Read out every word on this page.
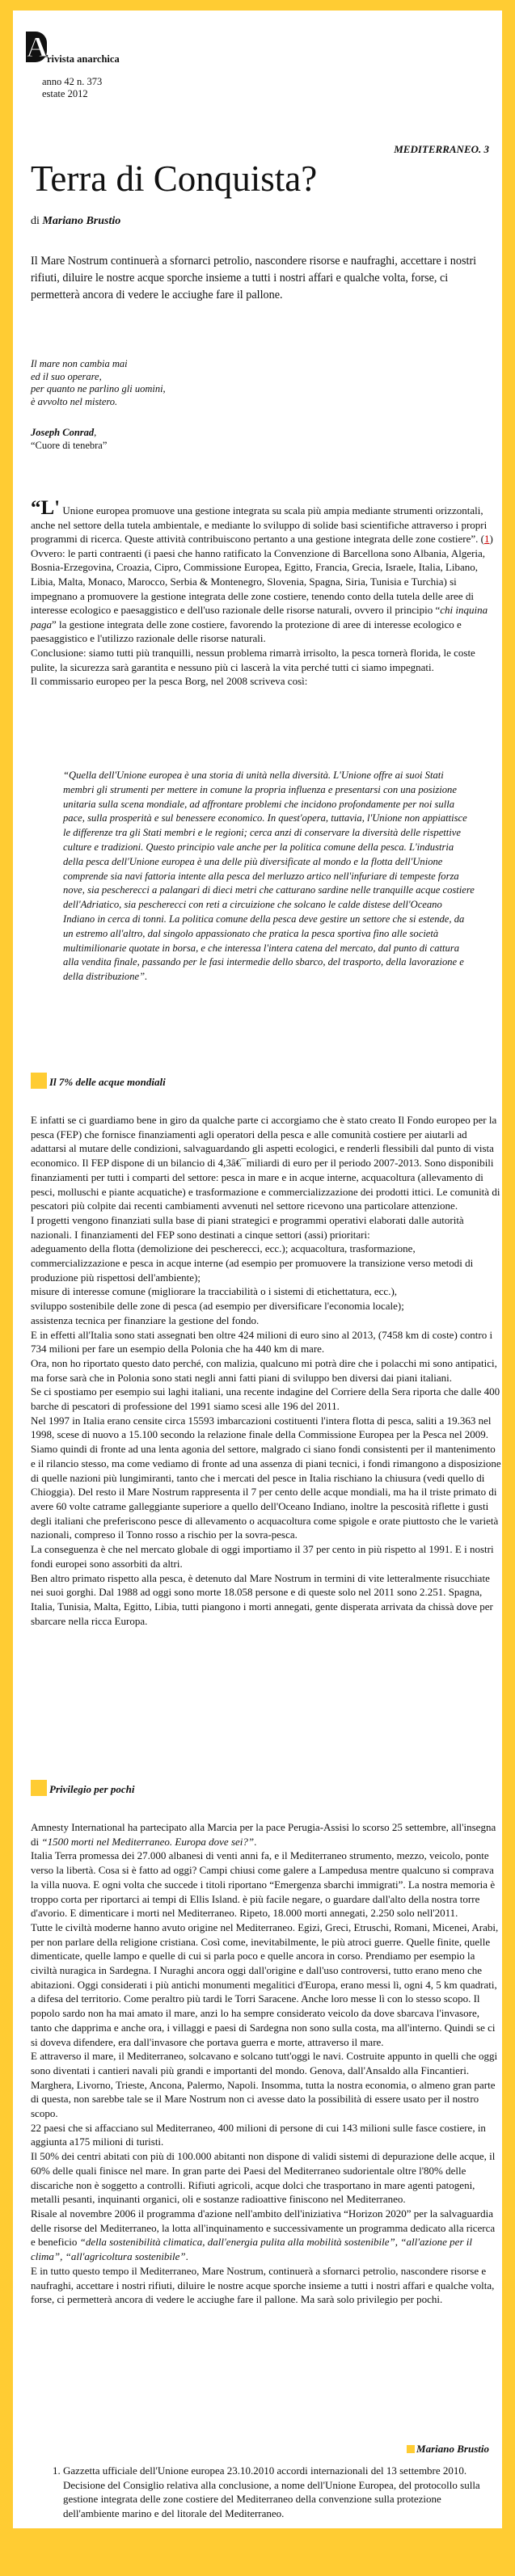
A rivista anarchica
anno 42 n. 373
estate 2012
MEDITERRANEO. 3
Terra di Conquista?
di Mariano Brustio
Il Mare Nostrum continuerà a sfornarci petrolio, nascondere risorse e naufraghi, accettare i nostri rifiuti, diluire le nostre acque sporche insieme a tutti i nostri affari e qualche volta, forse, ci permetterà ancora di vedere le acciughe fare il pallone.
Il mare non cambia mai
ed il suo operare,
per quanto ne parlino gli uomini,
è avvolto nel mistero.
Joseph Conrad,
“Cuore di tenebra”

“L' Unione europea promuove una gestione integrata su scala più ampia mediante strumenti orizzontali, anche nel settore della tutela ambientale, e mediante lo sviluppo di solide basi scientifiche attraverso i propri programmi di ricerca. Queste attività contribuiscono pertanto a una gestione integrata delle zone costiere”. (1)

Ovvero: le parti contraenti (i paesi che hanno ratificato la Convenzione di Barcellona sono Albania, Algeria, Bosnia-Erzegovina, Croazia, Cipro, Commissione Europea, Egitto, Francia, Grecia, Israele, Italia, Libano, Libia, Malta, Monaco, Marocco, Serbia & Montenegro, Slovenia, Spagna, Siria, Tunisia e Turchia) si impegnano a promuovere la gestione integrata delle zone costiere, tenendo conto della tutela delle aree di interesse ecologico e paesaggistico e dell'uso razionale delle risorse naturali, ovvero il principio “chi inquina paga” la gestione integrata delle zone costiere, favorendo la protezione di aree di interesse ecologico e paesaggistico e l'utilizzo razionale delle risorse naturali.

Conclusione: siamo tutti più tranquilli, nessun problema rimarrà irrisolto, la pesca tornerà florida, le coste pulite, la sicurezza sarà garantita e nessuno più ci lascerà la vita perché tutti ci siamo impegnati.

Il commissario europeo per la pesca Borg, nel 2008 scriveva così:

“Quella dell'Unione europea è una storia di unità nella diversità. L'Unione offre ai suoi Stati membri gli strumenti per mettere in comune la propria influenza e presentarsi con una posizione unitaria sulla scena mondiale, ad affrontare problemi che incidono profondamente per noi sulla pace, sulla prosperità e sul benessere economico. In quest'opera, tuttavia, l'Unione non appiattisce le differenze tra gli Stati membri e le regioni; cerca anzi di conservare la diversità delle rispettive culture e tradizioni. Questo principio vale anche per la politica comune della pesca. L'industria della pesca dell'Unione europea è una delle più diversificate al mondo e la flotta dell'Unione comprende sia navi fattoria intente alla pesca del merluzzo artico nell'infuriare di tempeste forza nove, sia pescherecci a palangari di dieci metri che catturano sardine nelle tranquille acque costiere dell'Adriatico, sia pescherecci con reti a circuizione che solcano le calde distese dell'Oceano Indiano in cerca di tonni. La politica comune della pesca deve gestire un settore che si estende, da un estremo all'altro, dal singolo appassionato che pratica la pesca sportiva fino alle società multimilionarie quotate in borsa, e che interessa l'intera catena del mercato, dal punto di cattura alla vendita finale, passando per le fasi intermedie dello sbarco, del trasporto, della lavorazione e della distribuzione”.
Il 7% delle acque mondiali

E infatti se ci guardiamo bene in giro da qualche parte ci accorgiamo che è stato creato Il Fondo europeo per la pesca (FEP) che fornisce finanziamenti agli operatori della pesca e alle comunità costiere per aiutarli ad adattarsi al mutare delle condizioni, salvaguardando gli aspetti ecologici, e renderli flessibili dal punto di vista economico. Il FEP dispone di un bilancio di 4,3â€¯miliardi di euro per il periodo 2007-2013. Sono disponibili finanziamenti per tutti i comparti del settore: pesca in mare e in acque interne, acquacoltura (allevamento di pesci, molluschi e piante acquatiche) e trasformazione e commercializzazione dei prodotti ittici. Le comunità di pescatori più colpite dai recenti cambiamenti avvenuti nel settore ricevono una particolare attenzione.

I progetti vengono finanziati sulla base di piani strategici e programmi operativi elaborati dalle autorità nazionali. I finanziamenti del FEP sono destinati a cinque settori (assi) prioritari:

adeguamento della flotta (demolizione dei pescherecci, ecc.); acquacoltura, trasformazione, commercializzazione e pesca in acque interne (ad esempio per promuovere la transizione verso metodi di produzione più rispettosi dell'ambiente);

misure di interesse comune (migliorare la tracciabilità o i sistemi di etichettatura, ecc.),

sviluppo sostenibile delle zone di pesca (ad esempio per diversificare l'economia locale);

assistenza tecnica per finanziare la gestione del fondo.

E in effetti all'Italia sono stati assegnati ben oltre 424 milioni di euro sino al 2013, (7458 km di coste) contro i 734 milioni per fare un esempio della Polonia che ha 440 km di mare.

Ora, non ho riportato questo dato perché, con malizia, qualcuno mi potrà dire che i polacchi mi sono antipatici, ma forse sarà che in Polonia sono stati negli anni fatti piani di sviluppo ben diversi dai piani italiani.

Se ci spostiamo per esempio sui laghi italiani, una recente indagine del Corriere della Sera riporta che dalle 400 barche di pescatori di professione del 1991 siamo scesi alle 196 del 2011.

Nel 1997 in Italia erano censite circa 15593 imbarcazioni costituenti l'intera flotta di pesca, saliti a 19.363 nel 1998, scese di nuovo a 15.100 secondo la relazione finale della Commissione Europea per la Pesca nel 2009. Siamo quindi di fronte ad una lenta agonia del settore, malgrado ci siano fondi consistenti per il mantenimento e il rilancio stesso, ma come vediamo di fronte ad una assenza di piani tecnici, i fondi rimangono a disposizione di quelle nazioni più lungimiranti, tanto che i mercati del pesce in Italia rischiano la chiusura (vedi quello di Chioggia). Del resto il Mare Nostrum rappresenta il 7 per cento delle acque mondiali, ma ha il triste primato di avere 60 volte catrame galleggiante superiore a quello dell'Oceano Indiano, inoltre la pescosità riflette i gusti degli italiani che preferiscono pesce di allevamento o acquacoltura come spigole e orate piuttosto che le varietà nazionali, compreso il Tonno rosso a rischio per la sovra-pesca.

La conseguenza è che nel mercato globale di oggi importiamo il 37 per cento in più rispetto al 1991. E i nostri fondi europei sono assorbiti da altri.

Ben altro primato rispetto alla pesca, è detenuto dal Mare Nostrum in termini di vite letteralmente risucchiate nei suoi gorghi. Dal 1988 ad oggi sono morte 18.058 persone e di queste solo nel 2011 sono 2.251. Spagna, Italia, Tunisia, Malta, Egitto, Libia, tutti piangono i morti annegati, gente disperata arrivata da chissà dove per sbarcare nella ricca Europa.

Privilegio per pochi

Amnesty International ha partecipato alla Marcia per la pace Perugia-Assisi lo scorso 25 settembre, all'insegna di “1500 morti nel Mediterraneo. Europa dove sei?”.

Italia Terra promessa dei 27.000 albanesi di venti anni fa, e il Mediterraneo strumento, mezzo, veicolo, ponte verso la libertà. Cosa si è fatto ad oggi? Campi chiusi come galere a Lampedusa mentre qualcuno si comprava la villa nuova. E ogni volta che succede i titoli riportano “Emergenza sbarchi immigrati”. La nostra memoria è troppo corta per riportarci ai tempi di Ellis Island. è più facile negare, o guardare dall'alto della nostra torre d'avorio. E dimenticare i morti nel Mediterraneo. Ripeto, 18.000 morti annegati, 2.250 solo nell'2011.

Tutte le civiltà moderne hanno avuto origine nel Mediterraneo. Egizi, Greci, Etruschi, Romani, Micenei, Arabi, per non parlare della religione cristiana. Così come, inevitabilmente, le più atroci guerre. Quelle finite, quelle dimenticate, quelle lampo e quelle di cui si parla poco e quelle ancora in corso. Prendiamo per esempio la civiltà nuragica in Sardegna. I Nuraghi ancora oggi dall'origine e dall'uso controversi, tutto erano meno che abitazioni. Oggi considerati i più antichi monumenti megalitici d'Europa, erano messi lì, ogni 4, 5 km quadrati, a difesa del territorio. Come peraltro più tardi le Torri Saracene. Anche loro messe lì con lo stesso scopo. Il popolo sardo non ha mai amato il mare, anzi lo ha sempre considerato veicolo da dove sbarcava l'invasore, tanto che dapprima e anche ora, i villaggi e paesi di Sardegna non sono sulla costa, ma all'interno. Quindi se ci si doveva difendere, era dall'invasore che portava guerra e morte, attraverso il mare.

E attraverso il mare, il Mediterraneo, solcavano e solcano tutt'oggi le navi. Costruite appunto in quelli che oggi sono diventati i cantieri navali più grandi e importanti del mondo. Genova, dall'Ansaldo alla Fincantieri. Marghera, Livorno, Trieste, Ancona, Palermo, Napoli. Insomma, tutta la nostra economia, o almeno gran parte di questa, non sarebbe tale se il Mare Nostrum non ci avesse dato la possibilità di essere usato per il nostro scopo.

22 paesi che si affacciano sul Mediterraneo, 400 milioni di persone di cui 143 milioni sulle fasce costiere, in aggiunta a175 milioni di turisti.

Il 50% dei centri abitati con più di 100.000 abitanti non dispone di validi sistemi di depurazione delle acque, il 60% delle quali finisce nel mare. In gran parte dei Paesi del Mediterraneo sudorientale oltre l'80% delle discariche non è soggetto a controlli. Rifiuti agricoli, acque dolci che trasportano in mare agenti patogeni, metalli pesanti, inquinanti organici, oli e sostanze radioattive finiscono nel Mediterraneo.

Risale al novembre 2006 il programma d'azione nell'ambito dell'iniziativa “Horizon 2020” per la salvaguardia delle risorse del Mediterraneo, la lotta all'inquinamento e successivamente un programma dedicato alla ricerca e beneficio “della sostenibilità climatica, dall'energia pulita alla mobilità sostenibile”, “all'azione per il clima”, “all'agricoltura sostenibile”.

E in tutto questo tempo il Mediterraneo, Mare Nostrum, continuerà a sfornarci petrolio, nascondere risorse e naufraghi, accettare i nostri rifiuti, diluire le nostre acque sporche insieme a tutti i nostri affari e qualche volta, forse, ci permetterà ancora di vedere le acciughe fare il pallone. Ma sarà solo privilegio per pochi.

Mariano Brustio
1. Gazzetta ufficiale dell'Unione europea 23.10.2010 accordi internazionali del 13 settembre 2010. Decisione del Consiglio relativa alla conclusione, a nome dell'Unione Europea, del protocollo sulla gestione integrata delle zone costiere del Mediterraneo della convenzione sulla protezione dell'ambiente marino e del litorale del Mediterraneo.
